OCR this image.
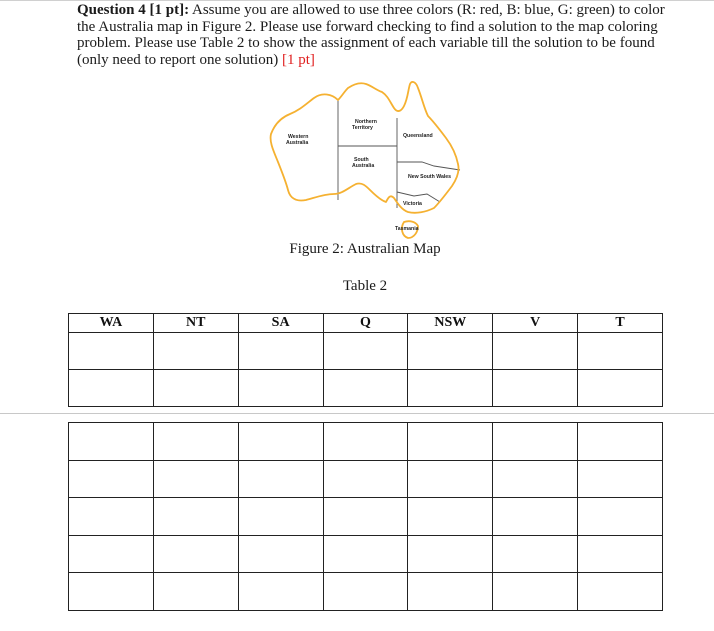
Question 4 [1 pt]: Assume you are allowed to use three colors (R: red, B: blue, G: green) to color the Australia map in Figure 2. Please use forward checking to find a solution to the map coloring problem. Please use Table 2 to show the assignment of each variable till the solution to be found (only need to report one solution) [1 pt]

Northern
Territory
Western
Australia
Queensland
South
Australia
New South Wales
Victoria
Tasmania
Figure 2: Australian Map
Table 2
WA	NT	SA	Q	NSW	V	T
